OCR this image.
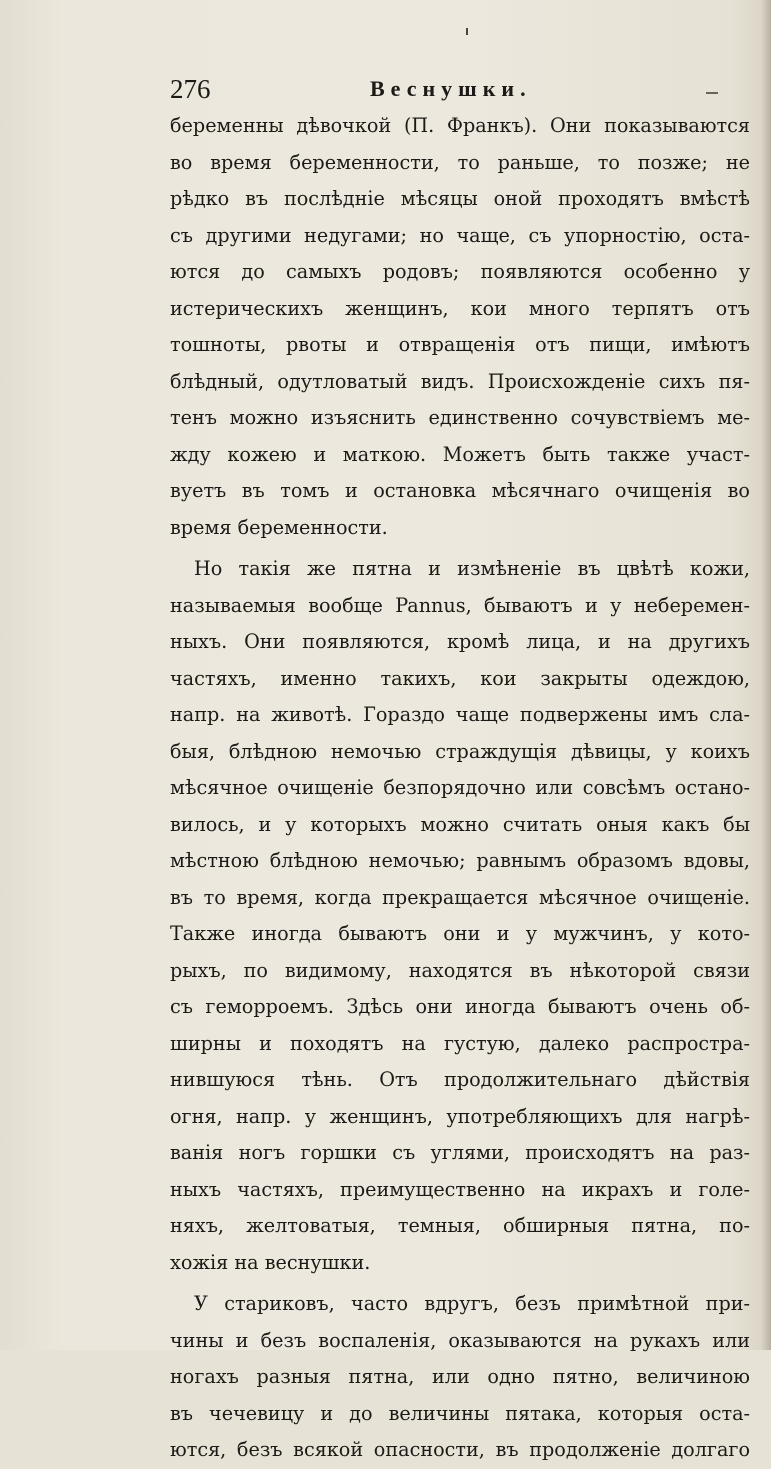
276	Веснушки.
беременны дѣвочкой (П. Франкъ). Они показываются
во время беременности, то раньше, то позже; не
рѣдко въ послѣдніе мѣсяцы оной проходятъ вмѣстѣ
съ другими недугами; но чаще, съ упорностію, оста-
ются до самыхъ родовъ; появляются особенно у
истерическихъ женщинъ, кои много терпятъ отъ
тошноты, рвоты и отвращенія отъ пищи, имѣютъ
блѣдный, одутловатый видъ. Происхожденіе сихъ пя-
тенъ можно изъяснить единственно сочувствіемъ ме-
жду кожею и маткою. Можетъ быть также участ-
вуетъ въ томъ и остановка мѣсячнаго очищенія во
время беременности.
Но такія же пятна и измѣненіе въ цвѣтѣ кожи,
называемыя вообще Pannus, бываютъ и у неберемен-
ныхъ. Они появляются, кромѣ лица, и на другихъ
частяхъ, именно такихъ, кои закрыты одеждою,
напр. на животѣ. Гораздо чаще подвержены имъ сла-
быя, блѣдною немочью страждущія дѣвицы, у коихъ
мѣсячное очищеніе безпорядочно или совсѣмъ остано-
вилось, и у которыхъ можно считать оныя какъ бы
мѣстною блѣдною немочью; равнымъ образомъ вдовы,
въ то время, когда прекращается мѣсячное очищеніе.
Также иногда бываютъ они и у мужчинъ, у кото-
рыхъ, по видимому, находятся въ нѣкоторой связи
съ геморроемъ. Здѣсь они иногда бываютъ очень об-
ширны и походятъ на густую, далеко распростра-
нившуюся тѣнь. Отъ продолжительнаго дѣйствія
огня, напр. у женщинъ, употребляющихъ для нагрѣ-
ванія ногъ горшки съ углями, происходятъ на раз-
ныхъ частяхъ, преимущественно на икрахъ и голе-
няхъ, желтоватыя, темныя, обширныя пятна, по-
хожія на веснушки.
У стариковъ, часто вдругъ, безъ примѣтной при-
чины и безъ воспаленія, оказываются на рукахъ или
ногахъ разныя пятна, или одно пятно, величиною
въ чечевицу и до величины пятака, которыя оста-
ются, безъ всякой опасности, въ продолженіе долгаго
